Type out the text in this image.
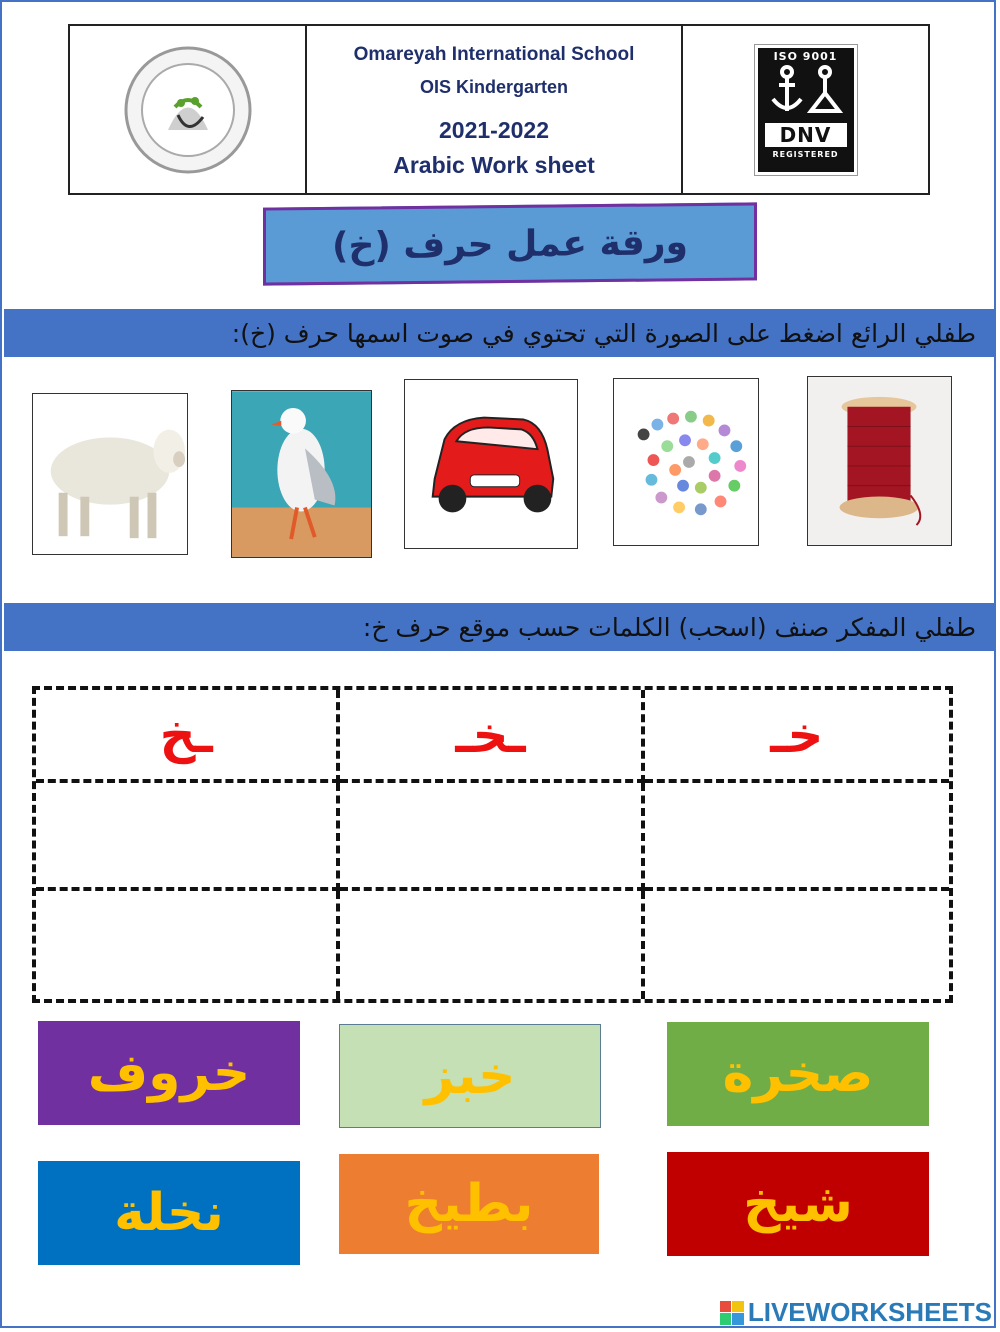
Omareyah International School
OIS Kindergarten
2021-2022
Arabic Work sheet
ISO 9001
DNV
REGISTERED
ورقة عمل حرف (خ)
طفلي الرائع اضغط على الصورة التي تحتوي في صوت اسمها حرف (خ):
طفلي المفكر صنف (اسحب) الكلمات حسب موقع حرف خ:
ـخ	ـخـ	خـ
خروف	خبز	صخرة
نخلة	بطيخ	شيخ
LIVEWORKSHEETS
